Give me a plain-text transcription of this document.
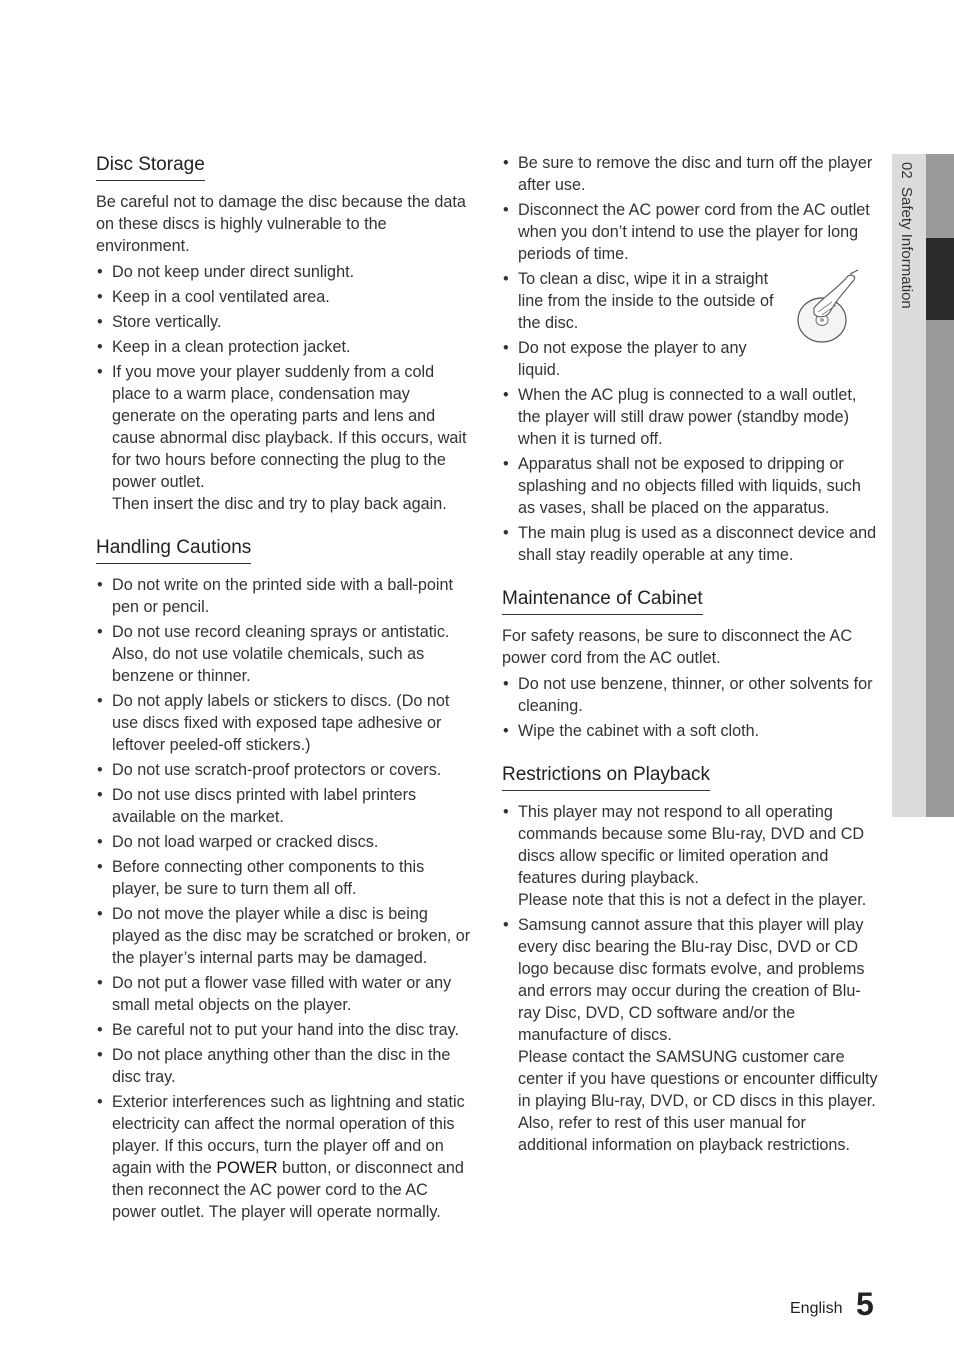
02  Safety Information
Disc Storage

Be careful not to damage the disc because the data on these discs is highly vulnerable to the environment.

• Do not keep under direct sunlight.
• Keep in a cool ventilated area.
• Store vertically.
• Keep in a clean protection jacket.
• If you move your player suddenly from a cold place to a warm place, condensation may generate on the operating parts and lens and cause abnormal disc playback. If this occurs, wait for two hours before connecting the plug to the power outlet.
Then insert the disc and try to play back again.
Handling Cautions
• Do not write on the printed side with a ball-point pen or pencil.
• Do not use record cleaning sprays or antistatic. Also, do not use volatile chemicals, such as benzene or thinner.
• Do not apply labels or stickers to discs. (Do not use discs fixed with exposed tape adhesive or leftover peeled-off stickers.)
• Do not use scratch-proof protectors or covers.
• Do not use discs printed with label printers available on the market.
• Do not load warped or cracked discs.
• Before connecting other components to this player, be sure to turn them all off.
• Do not move the player while a disc is being played as the disc may be scratched or broken, or the player’s internal parts may be damaged.
• Do not put a flower vase filled with water or any small metal objects on the player.
• Be careful not to put your hand into the disc tray.
• Do not place anything other than the disc in the disc tray.
• Exterior interferences such as lightning and static electricity can affect the normal operation of this player. If this occurs, turn the player off and on again with the POWER button, or disconnect and then reconnect the AC power cord to the AC power outlet. The player will operate normally.
• Be sure to remove the disc and turn off the player after use.
• Disconnect the AC power cord from the AC outlet when you don’t intend to use the player for long periods of time.
• To clean a disc, wipe it in a straight line from the inside to the outside of the disc.
• Do not expose the player to any liquid.
• When the AC plug is connected to a wall outlet, the player will still draw power (standby mode) when it is turned off.
• Apparatus shall not be exposed to dripping or splashing and no objects filled with liquids, such as vases, shall be placed on the apparatus.
• The main plug is used as a disconnect device and shall stay readily operable at any time.
Maintenance of Cabinet

For safety reasons, be sure to disconnect the AC power cord from the AC outlet.

• Do not use benzene, thinner, or other solvents for cleaning.
• Wipe the cabinet with a soft cloth.
Restrictions on Playback
• This player may not respond to all operating commands because some Blu-ray, DVD and CD discs allow specific or limited operation and features during playback.
Please note that this is not a defect in the player.
• Samsung cannot assure that this player will play every disc bearing the Blu-ray Disc, DVD or CD logo because disc formats evolve, and problems and errors may occur during the creation of Blu-ray Disc, DVD, CD software and/or the manufacture of discs.
Please contact the SAMSUNG customer care center if you have questions or encounter difficulty in playing Blu-ray, DVD, or CD discs in this player. Also, refer to rest of this user manual for additional information on playback restrictions.
English 5
